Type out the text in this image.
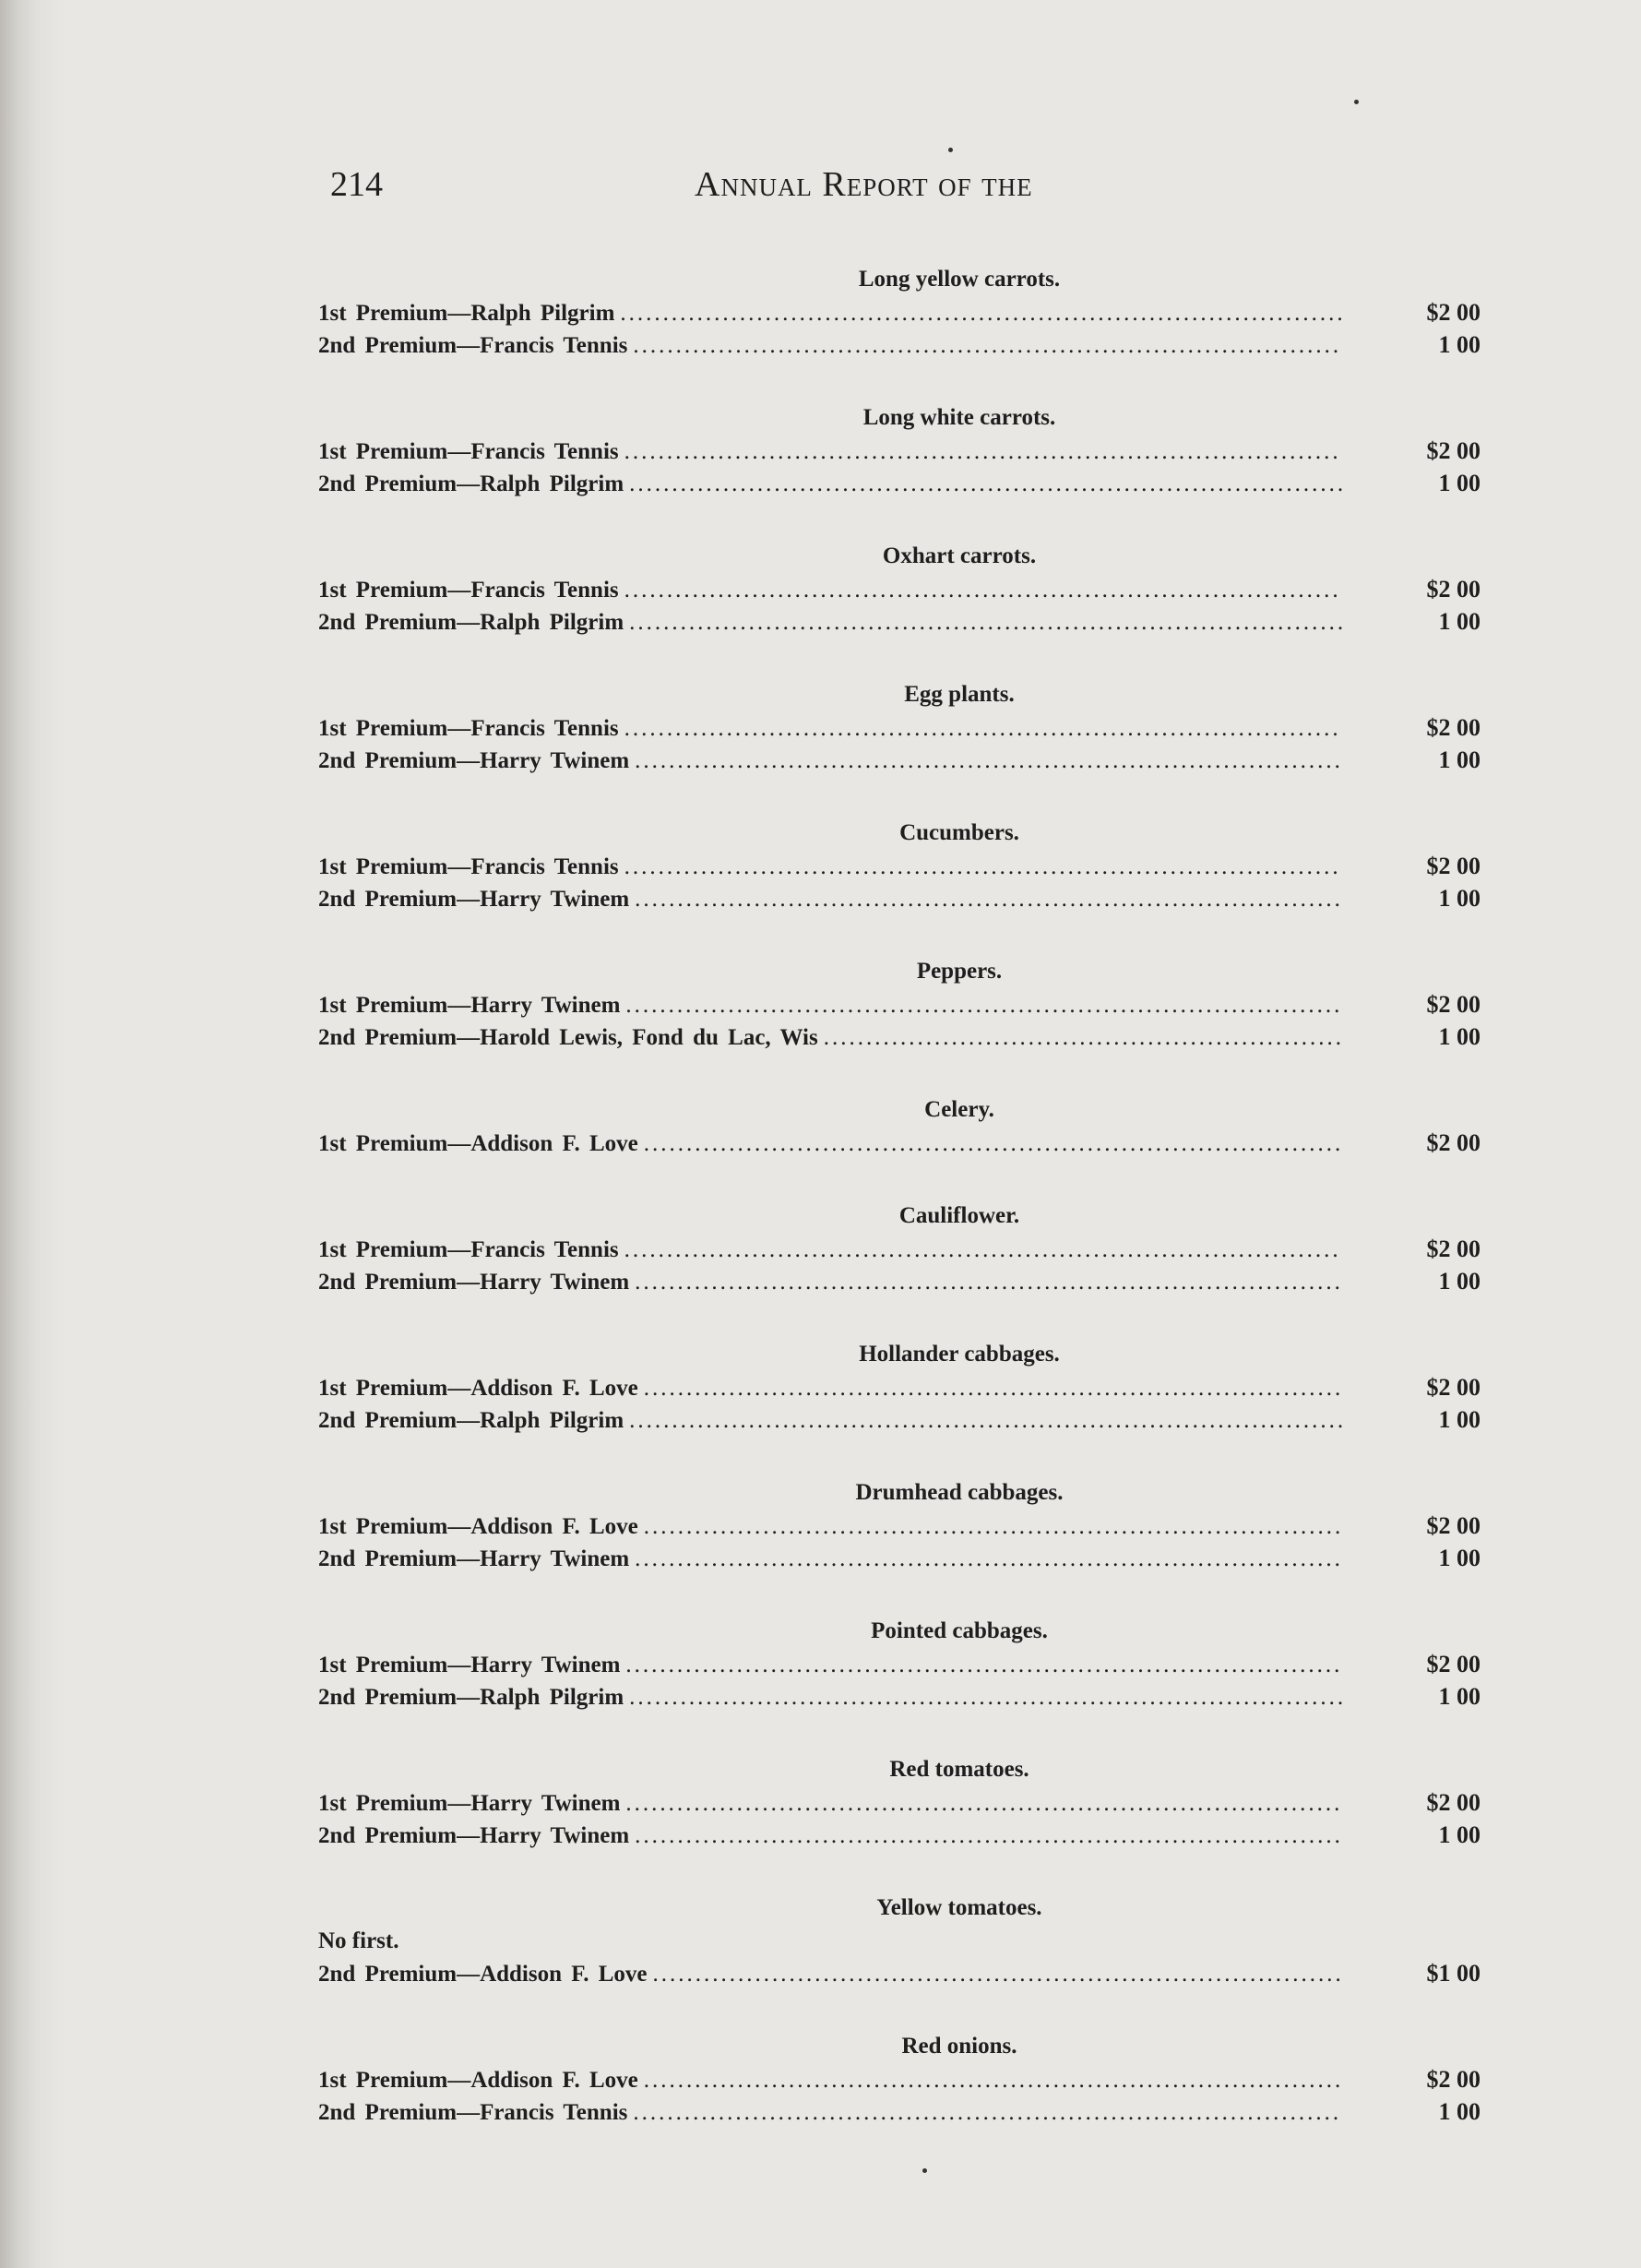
214	Annual Report of the
Long yellow carrots.
1st Premium—Ralph Pilgrim .....	$2 00
2nd Premium—Francis Tennis .....	1 00
Long white carrots.
1st Premium—Francis Tennis .....	$2 00
2nd Premium—Ralph Pilgrim .....	1 00
Oxhart carrots.
1st Premium—Francis Tennis .....	$2 00
2nd Premium—Ralph Pilgrim .....	1 00
Egg plants.
1st Premium—Francis Tennis .....	$2 00
2nd Premium—Harry Twinem .....	1 00
Cucumbers.
1st Premium—Francis Tennis .....	$2 00
2nd Premium—Harry Twinem .....	1 00
Peppers.
1st Premium—Harry Twinem .....	$2 00
2nd Premium—Harold Lewis, Fond du Lac, Wis .....	1 00
Celery.
1st Premium—Addison F. Love .....	$2 00
Cauliflower.
1st Premium—Francis Tennis .....	$2 00
2nd Premium—Harry Twinem .....	1 00
Hollander cabbages.
1st Premium—Addison F. Love .....	$2 00
2nd Premium—Ralph Pilgrim .....	1 00
Drumhead cabbages.
1st Premium—Addison F. Love .....	$2 00
2nd Premium—Harry Twinem .....	1 00
Pointed cabbages.
1st Premium—Harry Twinem .....	$2 00
2nd Premium—Ralph Pilgrim .....	1 00
Red tomatoes.
1st Premium—Harry Twinem .....	$2 00
2nd Premium—Harry Twinem .....	1 00
Yellow tomatoes.
No first.
2nd Premium—Addison F. Love .....	$1 00
Red onions.
1st Premium—Addison F. Love .....	$2 00
2nd Premium—Francis Tennis .....	1 00
